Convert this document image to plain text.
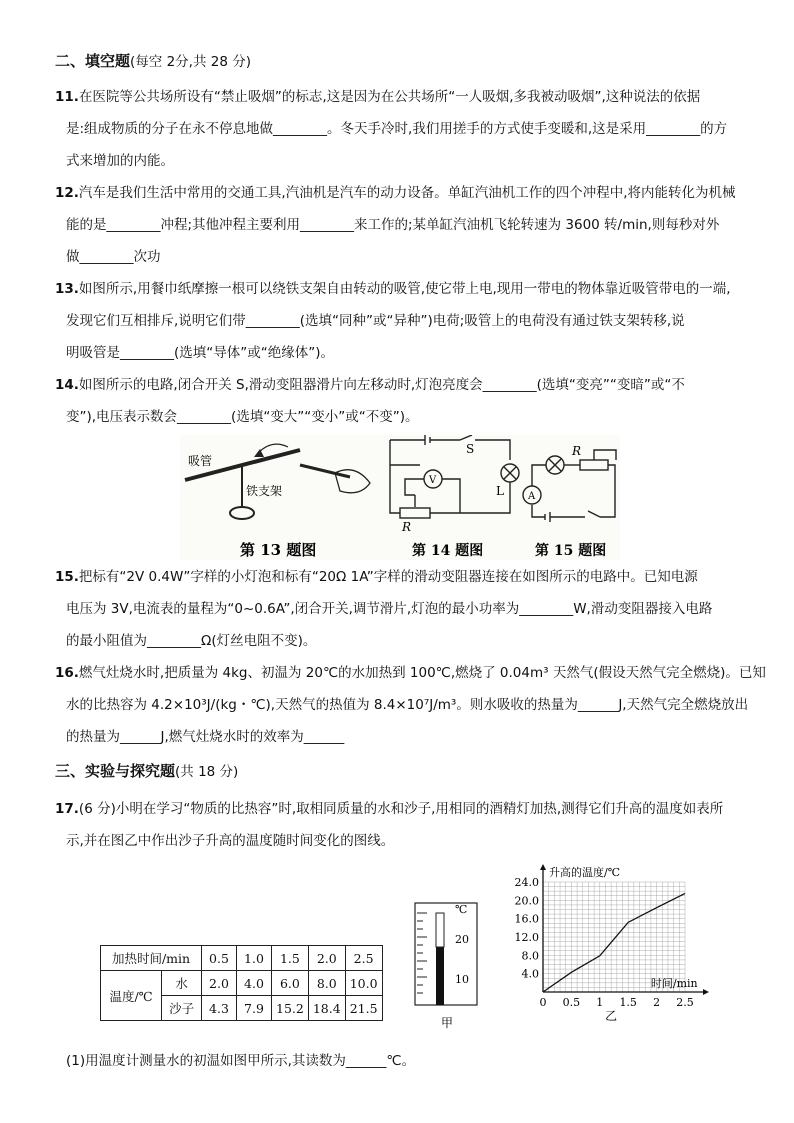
二、填空题(每空 2分,共 28 分)
11.在医院等公共场所设有“禁止吸烟”的标志,这是因为在公共场所“一人吸烟,多我被动吸烟”,这种说法的依据
是:组成物质的分子在永不停息地做________。冬天手冷时,我们用搓手的方式使手变暖和,这是采用________的方
式来增加的内能。
12.汽车是我们生活中常用的交通工具,汽油机是汽车的动力设备。单缸汽油机工作的四个冲程中,将内能转化为机械
能的是________冲程;其他冲程主要利用________来工作的;某单缸汽油机飞轮转速为 3600 转/min,则每秒对外
做________次功
13.如图所示,用餐巾纸摩擦一根可以绕铁支架自由转动的吸管,使它带上电,现用一带电的物体靠近吸管带电的一端,
发现它们互相排斥,说明它们带________(选填“同种”或“异种”)电荷;吸管上的电荷没有通过铁支架转移,说
明吸管是________(选填“导体”或“绝缘体”)。
14.如图所示的电路,闭合开关 S,滑动变阻器滑片向左移动时,灯泡亮度会________(选填“变亮”“变暗”或“不
变”),电压表示数会________(选填“变大”“变小”或“不变”)。
吸管
铁支架
第 13 题图
S
V
L
R
第 14 题图
R
A
第 15 题图
15.把标有“2V 0.4W”字样的小灯泡和标有“20Ω 1A”字样的滑动变阻器连接在如图所示的电路中。已知电源
电压为 3V,电流表的量程为“0~0.6A”,闭合开关,调节滑片,灯泡的最小功率为________W,滑动变阻器接入电路
的最小阻值为________Ω(灯丝电阻不变)。
16.燃气灶烧水时,把质量为 4kg、初温为 20℃的水加热到 100℃,燃烧了 0.04m³ 天然气(假设天然气完全燃烧)。已知
水的比热容为 4.2×10³J/(kg・℃),天然气的热值为 8.4×10⁷J/m³。则水吸收的热量为______J,天然气完全燃烧放出
的热量为______J,燃气灶烧水时的效率为______
三、实验与探究题(共 18 分)
17.(6 分)小明在学习“物质的比热容”时,取相同质量的水和沙子,用相同的酒精灯加热,测得它们升高的温度如表所
示,并在图乙中作出沙子升高的温度随时间变化的图线。
加热时间/min		0.5	1.0	1.5	2.0	2.5
温度/℃	水	2.0	4.0	6.0	8.0	10.0
	沙子	4.3	7.9	15.2	18.4	21.5
℃
20
10
甲
0 0.5 1 1.5 2 2.5
4.0
8.0
12.0
16.0
20.0
24.0
升高的温度/℃
时间/min
乙
(1)用温度计测量水的初温如图甲所示,其读数为______℃。
